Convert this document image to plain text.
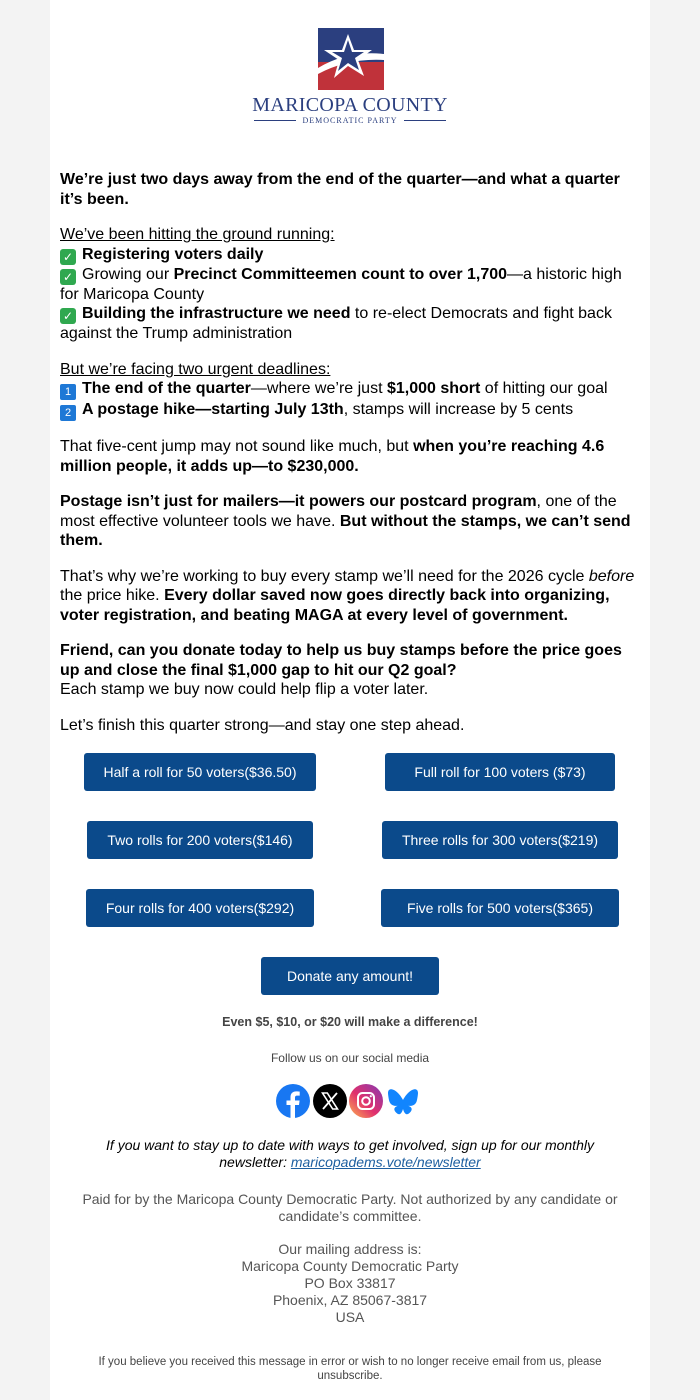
MARICOPA COUNTY
DEMOCRATIC PARTY

We’re just two days away from the end of the quarter—and what a quarter it’s been.

We’ve been hitting the ground running:
✓ Registering voters daily
✓ Growing our Precinct Committeemen count to over 1,700—a historic high for Maricopa County
✓ Building the infrastructure we need to re-elect Democrats and fight back against the Trump administration

But we’re facing two urgent deadlines:
1 The end of the quarter—where we’re just $1,000 short of hitting our goal
2 A postage hike—starting July 13th, stamps will increase by 5 cents

That five-cent jump may not sound like much, but when you’re reaching 4.6 million people, it adds up—to $230,000.

Postage isn’t just for mailers—it powers our postcard program, one of the most effective volunteer tools we have. But without the stamps, we can’t send them.

That’s why we’re working to buy every stamp we’ll need for the 2026 cycle before the price hike. Every dollar saved now goes directly back into organizing, voter registration, and beating MAGA at every level of government.

Friend, can you donate today to help us buy stamps before the price goes up and close the final $1,000 gap to hit our Q2 goal?
Each stamp we buy now could help flip a voter later.

Let’s finish this quarter strong—and stay one step ahead.

Half a roll for 50 voters($36.50)	Full roll for 100 voters ($73)
Two rolls for 200 voters($146)	Three rolls for 300 voters($219)
Four rolls for 400 voters($292)	Five rolls for 500 voters($365)
Donate any amount!
Even $5, $10, or $20 will make a difference!
Follow us on our social media
If you want to stay up to date with ways to get involved, sign up for our monthly newsletter: maricopadems.vote/newsletter
Paid for by the Maricopa County Democratic Party. Not authorized by any candidate or candidate’s committee.
Our mailing address is:
Maricopa County Democratic Party
PO Box 33817
Phoenix, AZ 85067-3817
USA
If you believe you received this message in error or wish to no longer receive email from us, please unsubscribe.
